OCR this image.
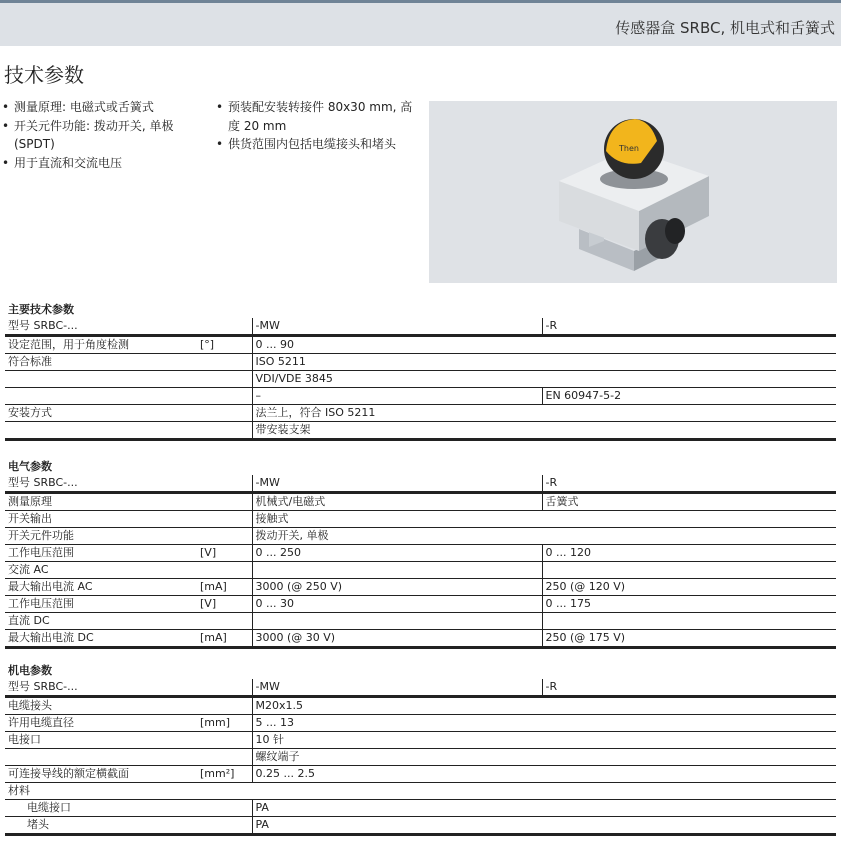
传感器盒 SRBC, 机电式和舌簧式
技术参数
• 测量原理: 电磁式或舌簧式
• 开关元件功能: 拨动开关, 单极 (SPDT)
• 用于直流和交流电压
• 预装配安装转接件 80x30 mm, 高度 20 mm
• 供货范围内包括电缆接头和堵头	Then
主要技术参数			
型号 SRBC-...		-MW	-R
设定范围，用于角度检测	[°]	0 ... 90	
符合标准		ISO 5211	
		VDI/VDE 3845	
		–	EN 60947-5-2
安装方式		法兰上，符合 ISO 5211	
		带安装支架	
电气参数			
型号 SRBC-...		-MW	-R
测量原理		机械式/电磁式	舌簧式
开关输出		接触式	
开关元件功能		拨动开关, 单极	
工作电压范围	[V]	0 ... 250	0 ... 120
交流 AC			
最大输出电流 AC	[mA]	3000 (@ 250 V)	250 (@ 120 V)
工作电压范围	[V]	0 ... 30	0 ... 175
直流 DC			
最大输出电流 DC	[mA]	3000 (@ 30 V)	250 (@ 175 V)
机电参数			
型号 SRBC-...		-MW	-R
电缆接头		M20x1.5	
许用电缆直径	[mm]	5 ... 13	
电接口		10 针	
		螺纹端子	
可连接导线的额定横截面	[mm²]	0.25 ... 2.5	
材料			
电缆接口		PA	
堵头		PA	
